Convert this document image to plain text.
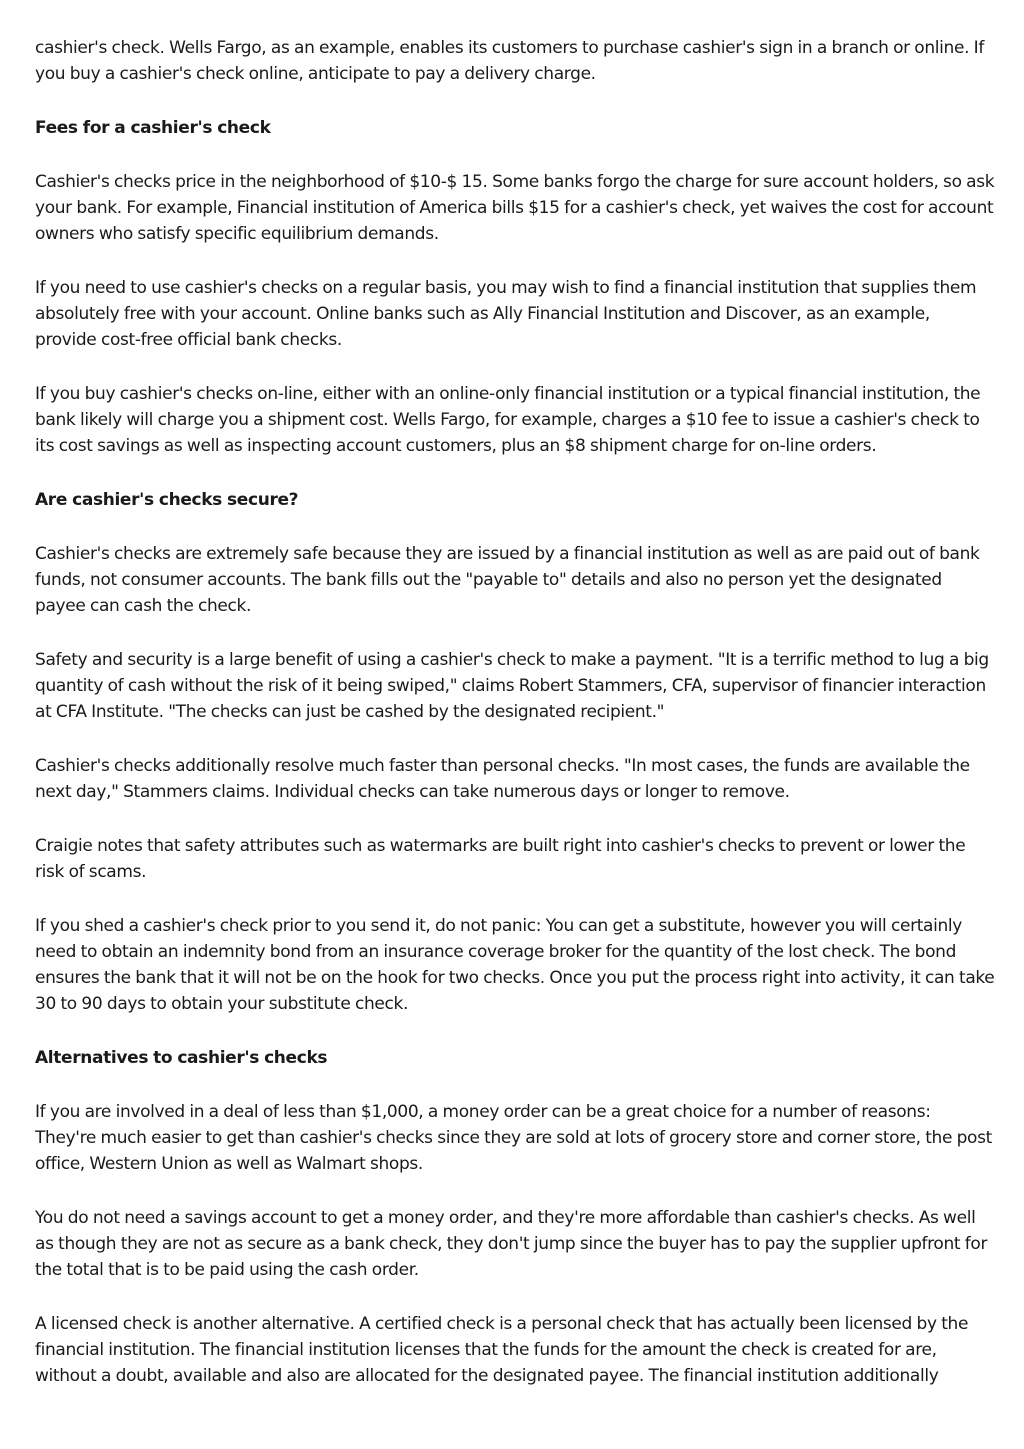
cashier's check. Wells Fargo, as an example, enables its customers to purchase cashier's sign in a branch or online. If you buy a cashier's check online, anticipate to pay a delivery charge.

Fees for a cashier's check

Cashier's checks price in the neighborhood of $10-$ 15. Some banks forgo the charge for sure account holders, so ask your bank. For example, Financial institution of America bills $15 for a cashier's check, yet waives the cost for account owners who satisfy specific equilibrium demands.

If you need to use cashier's checks on a regular basis, you may wish to find a financial institution that supplies them absolutely free with your account. Online banks such as Ally Financial Institution and Discover, as an example, provide cost-free official bank checks.

If you buy cashier's checks on-line, either with an online-only financial institution or a typical financial institution, the bank likely will charge you a shipment cost. Wells Fargo, for example, charges a $10 fee to issue a cashier's check to its cost savings as well as inspecting account customers, plus an $8 shipment charge for on-line orders.

Are cashier's checks secure?

Cashier's checks are extremely safe because they are issued by a financial institution as well as are paid out of bank funds, not consumer accounts. The bank fills out the "payable to" details and also no person yet the designated payee can cash the check.

Safety and security is a large benefit of using a cashier's check to make a payment. "It is a terrific method to lug a big quantity of cash without the risk of it being swiped," claims Robert Stammers, CFA, supervisor of financier interaction at CFA Institute. "The checks can just be cashed by the designated recipient."

Cashier's checks additionally resolve much faster than personal checks. "In most cases, the funds are available the next day," Stammers claims. Individual checks can take numerous days or longer to remove.

Craigie notes that safety attributes such as watermarks are built right into cashier's checks to prevent or lower the risk of scams.

If you shed a cashier's check prior to you send it, do not panic: You can get a substitute, however you will certainly need to obtain an indemnity bond from an insurance coverage broker for the quantity of the lost check. The bond ensures the bank that it will not be on the hook for two checks. Once you put the process right into activity, it can take 30 to 90 days to obtain your substitute check.

Alternatives to cashier's checks

If you are involved in a deal of less than $1,000, a money order can be a great choice for a number of reasons: They're much easier to get than cashier's checks since they are sold at lots of grocery store and corner store, the post office, Western Union as well as Walmart shops.

You do not need a savings account to get a money order, and they're more affordable than cashier's checks. As well as though they are not as secure as a bank check, they don't jump since the buyer has to pay the supplier upfront for the total that is to be paid using the cash order.

A licensed check is another alternative. A certified check is a personal check that has actually been licensed by the financial institution. The financial institution licenses that the funds for the amount the check is created for are, without a doubt, available and also are allocated for the designated payee. The financial institution additionally
